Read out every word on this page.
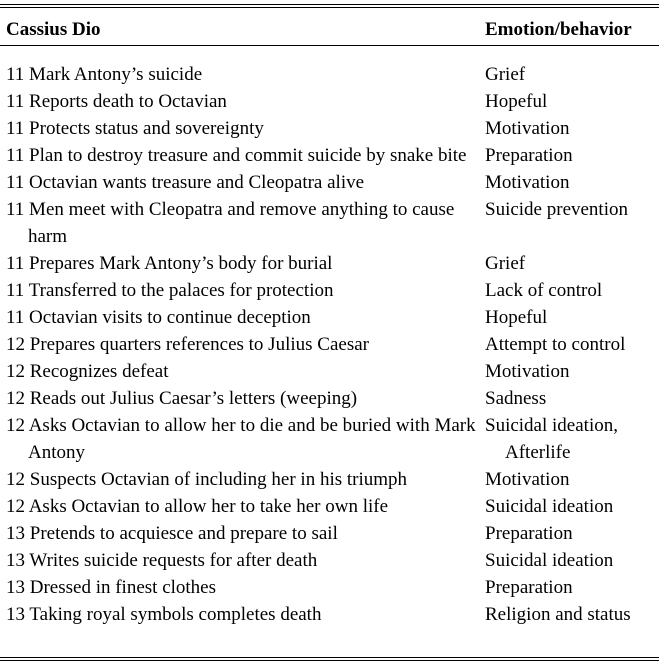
Cassius Dio	Emotion/behavior

11 Mark Antony’s suicide	Grief

11 Reports death to Octavian	Hopeful

11 Protects status and sovereignty	Motivation

11 Plan to destroy treasure and commit suicide by snake bite	Preparation

11 Octavian wants treasure and Cleopatra alive	Motivation

11 Men meet with Cleopatra and remove anything to cause harm	Suicide prevention

11 Prepares Mark Antony’s body for burial	Grief

11 Transferred to the palaces for protection	Lack of control

11 Octavian visits to continue deception	Hopeful

12 Prepares quarters references to Julius Caesar	Attempt to control

12 Recognizes defeat	Motivation

12 Reads out Julius Caesar’s letters (weeping)	Sadness

12 Asks Octavian to allow her to die and be buried with Mark Antony	Suicidal ideation, Afterlife

12 Suspects Octavian of including her in his triumph	Motivation

12 Asks Octavian to allow her to take her own life	Suicidal ideation

13 Pretends to acquiesce and prepare to sail	Preparation

13 Writes suicide requests for after death	Suicidal ideation

13 Dressed in finest clothes	Preparation

13 Taking royal symbols completes death	Religion and status
